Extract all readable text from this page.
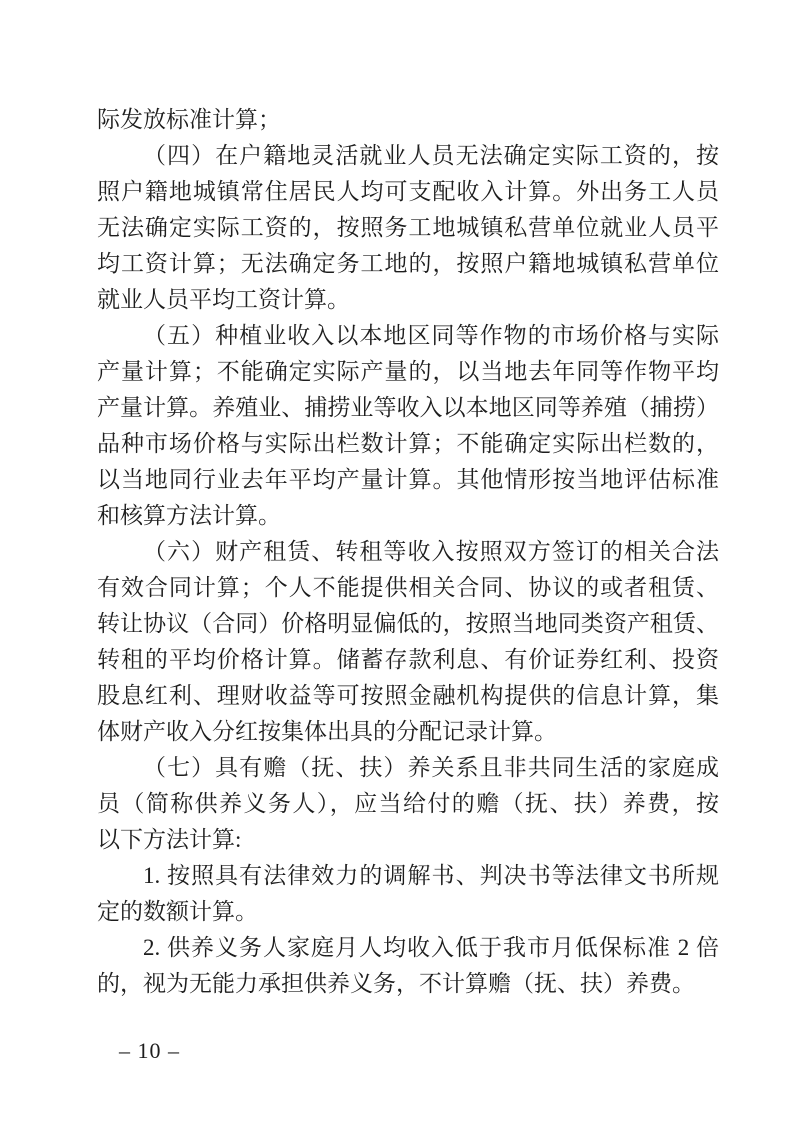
际发放标准计算；
（四）在户籍地灵活就业人员无法确定实际工资的，按
照户籍地城镇常住居民人均可支配收入计算。外出务工人员
无法确定实际工资的，按照务工地城镇私营单位就业人员平
均工资计算；无法确定务工地的，按照户籍地城镇私营单位
就业人员平均工资计算。
（五）种植业收入以本地区同等作物的市场价格与实际
产量计算；不能确定实际产量的，以当地去年同等作物平均
产量计算。养殖业、捕捞业等收入以本地区同等养殖（捕捞）
品种市场价格与实际出栏数计算；不能确定实际出栏数的，
以当地同行业去年平均产量计算。其他情形按当地评估标准
和核算方法计算。
（六）财产租赁、转租等收入按照双方签订的相关合法
有效合同计算；个人不能提供相关合同、协议的或者租赁、
转让协议（合同）价格明显偏低的，按照当地同类资产租赁、
转租的平均价格计算。储蓄存款利息、有价证券红利、投资
股息红利、理财收益等可按照金融机构提供的信息计算，集
体财产收入分红按集体出具的分配记录计算。
（七）具有赡（抚、扶）养关系且非共同生活的家庭成
员（简称供养义务人），应当给付的赡（抚、扶）养费，按
以下方法计算:
1. 按照具有法律效力的调解书、判决书等法律文书所规
定的数额计算。
2. 供养义务人家庭月人均收入低于我市月低保标准 2 倍
的，视为无能力承担供养义务，不计算赡（抚、扶）养费。
– 10 –
